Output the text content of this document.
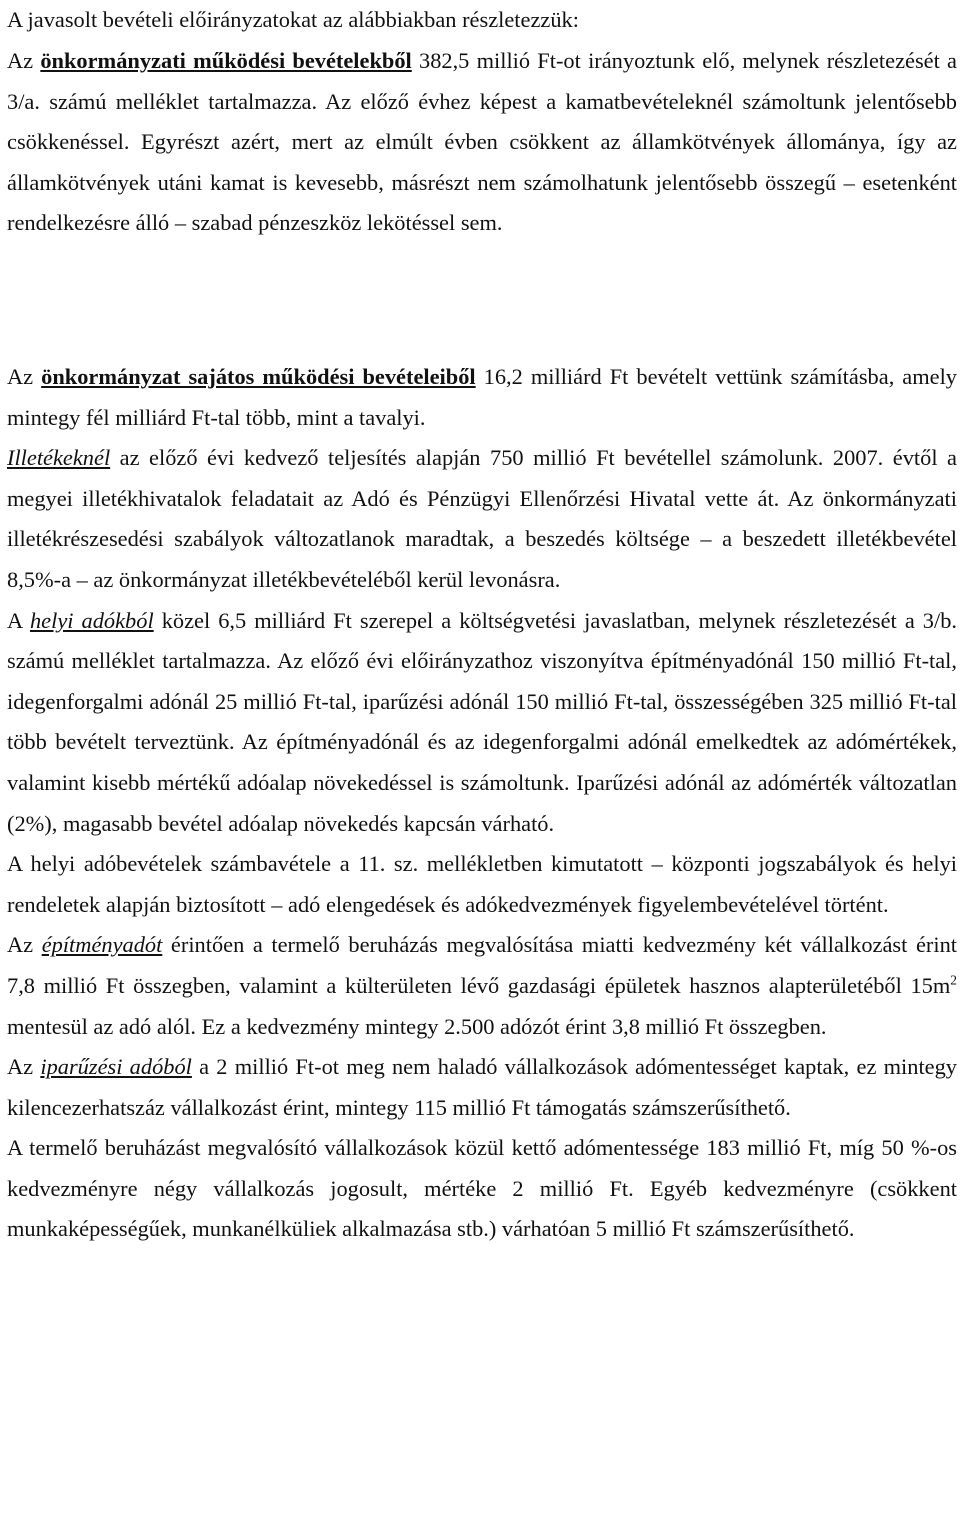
A javasolt bevételi előirányzatokat az alábbiakban részletezzük:

Az önkormányzati működési bevételekből 382,5 millió Ft-ot irányoztunk elő, melynek részletezését a 3/a. számú melléklet tartalmazza. Az előző évhez képest a kamatbevételeknél számoltunk jelentősebb csökkenéssel. Egyrészt azért, mert az elmúlt évben csökkent az államkötvények állománya, így az államkötvények utáni kamat is kevesebb, másrészt nem számolhatunk jelentősebb összegű – esetenként rendelkezésre álló – szabad pénzeszköz lekötéssel sem.

Az önkormányzat sajátos működési bevételeiből 16,2 milliárd Ft bevételt vettünk számításba, amely mintegy fél milliárd Ft-tal több, mint a tavalyi.

Illetékeknél az előző évi kedvező teljesítés alapján 750 millió Ft bevétellel számolunk. 2007. évtől a megyei illetékhivatalok feladatait az Adó és Pénzügyi Ellenőrzési Hivatal vette át. Az önkormányzati illetékrészesedési szabályok változatlanok maradtak, a beszedés költsége – a beszedett illetékbevétel 8,5%-a – az önkormányzat illetékbevételéből kerül levonásra.

A helyi adókból közel 6,5 milliárd Ft szerepel a költségvetési javaslatban, melynek részletezését a 3/b. számú melléklet tartalmazza. Az előző évi előirányzathoz viszonyítva építményadónál 150 millió Ft-tal, idegenforgalmi adónál 25 millió Ft-tal, iparűzési adónál 150 millió Ft-tal, összességében 325 millió Ft-tal több bevételt terveztünk. Az építményadónál és az idegenforgalmi adónál emelkedtek az adómértékek, valamint kisebb mértékű adóalap növekedéssel is számoltunk. Iparűzési adónál az adómérték változatlan (2%), magasabb bevétel adóalap növekedés kapcsán várható.

A helyi adóbevételek számbavétele a 11. sz. mellékletben kimutatott – központi jogszabályok és helyi rendeletek alapján biztosított – adó elengedések és adókedvezmények figyelembevételével történt.

Az építményadót érintően a termelő beruházás megvalósítása miatti kedvezmény két vállalkozást érint 7,8 millió Ft összegben, valamint a külterületen lévő gazdasági épületek hasznos alapterületéből $15m^2$ mentesül az adó alól. Ez a kedvezmény mintegy 2.500 adózót érint 3,8 millió Ft összegben.

Az iparűzési adóból a 2 millió Ft-ot meg nem haladó vállalkozások adómentességet kaptak, ez mintegy kilencezerhatszáz vállalkozást érint, mintegy 115 millió Ft támogatás számszerűsíthető.

A termelő beruházást megvalósító vállalkozások közül kettő adómentessége 183 millió Ft, míg 50 %-os kedvezményre négy vállalkozás jogosult, mértéke 2 millió Ft. Egyéb kedvezményre (csökkent munkaképességűek, munkanélküliek alkalmazása stb.) várhatóan 5 millió Ft számszerűsíthető.
